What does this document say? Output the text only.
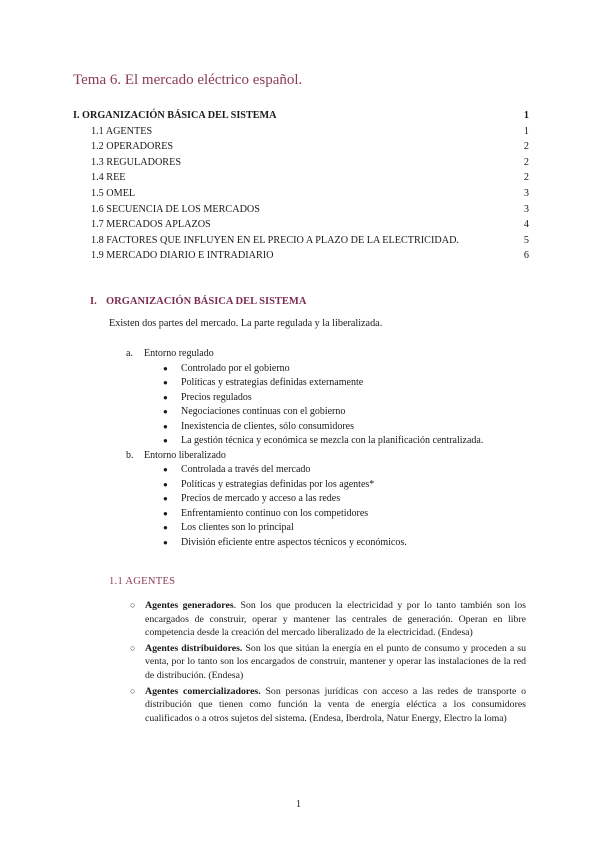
Tema 6. El mercado eléctrico español.
I. ORGANIZACIÓN BÁSICA DEL SISTEMA	1
1.1 AGENTES	1
1.2 OPERADORES	2
1.3 REGULADORES	2
1.4 REE	2
1.5 OMEL	3
1.6 SECUENCIA DE LOS MERCADOS	3
1.7 MERCADOS APLAZOS	4
1.8 FACTORES QUE INFLUYEN EN EL PRECIO A PLAZO DE LA ELECTRICIDAD.	5
1.9 MERCADO DIARIO E INTRADIARIO	6
I. ORGANIZACIÓN BÁSICA DEL SISTEMA
Existen dos partes del mercado. La parte regulada y la liberalizada.
a. Entorno regulado
● Controlado por el gobierno
● Políticas y estrategias definidas externamente
● Precios regulados
● Negociaciones continuas con el gobierno
● Inexistencia de clientes, sólo consumidores
● La gestión técnica y económica se mezcla con la planificación centralizada.
b. Entorno liberalizado
● Controlada a través del mercado
● Políticas y estrategias definidas por los agentes*
● Precios de mercado y acceso a las redes
● Enfrentamiento continuo con los competidores
● Los clientes son lo principal
● División eficiente entre aspectos técnicos y económicos.
1.1 AGENTES
○ Agentes generadores. Son los que producen la electricidad y por lo tanto también son los encargados de construir, operar y mantener las centrales de generación. Operan en libre competencia desde la creación del mercado liberalizado de la electricidad. (Endesa)
○ Agentes distribuidores. Son los que sitúan la energía en el punto de consumo y proceden a su venta, por lo tanto son los encargados de construir, mantener y operar las instalaciones de la red de distribución. (Endesa)
○ Agentes comercializadores. Son personas jurídicas con acceso a las redes de transporte o distribución que tienen como función la venta de energía eléctica a los consumidores cualificados o a otros sujetos del sistema. (Endesa, Iberdrola, Natur Energy, Electro la loma)
1
